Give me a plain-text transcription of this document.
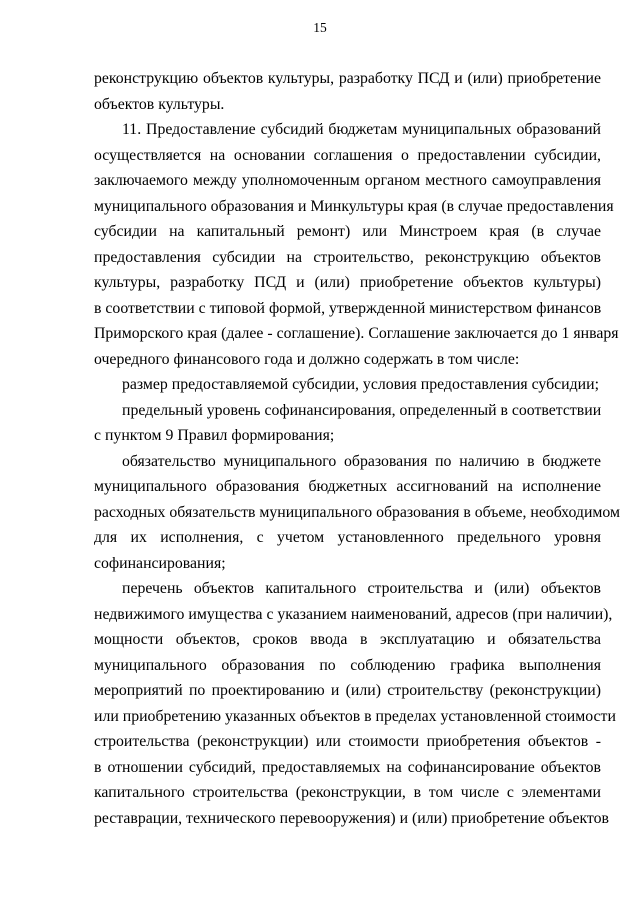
15
реконструкцию объектов культуры, разработку ПСД и (или) приобретение
объектов культуры.
11. Предоставление субсидий бюджетам муниципальных образований
осуществляется на основании соглашения о предоставлении субсидии,
заключаемого между уполномоченным органом местного самоуправления
муниципального образования и Минкультуры края (в случае предоставления
субсидии на капитальный ремонт) или Минстроем края (в случае
предоставления субсидии на строительство, реконструкцию объектов
культуры, разработку ПСД и (или) приобретение объектов культуры)
в соответствии с типовой формой, утвержденной министерством финансов
Приморского края (далее - соглашение). Соглашение заключается до 1 января
очередного финансового года и должно содержать в том числе:
размер предоставляемой субсидии, условия предоставления субсидии;
предельный уровень софинансирования, определенный в соответствии
с пунктом 9 Правил формирования;
обязательство муниципального образования по наличию в бюджете
муниципального образования бюджетных ассигнований на исполнение
расходных обязательств муниципального образования в объеме, необходимом
для их исполнения, с учетом установленного предельного уровня
софинансирования;
перечень объектов капитального строительства и (или) объектов
недвижимого имущества с указанием наименований, адресов (при наличии),
мощности объектов, сроков ввода в эксплуатацию и обязательства
муниципального образования по соблюдению графика выполнения
мероприятий по проектированию и (или) строительству (реконструкции)
или приобретению указанных объектов в пределах установленной стоимости
строительства (реконструкции) или стоимости приобретения объектов -
в отношении субсидий, предоставляемых на софинансирование объектов
капитального строительства (реконструкции, в том числе с элементами
реставрации, технического перевооружения) и (или) приобретение объектов
